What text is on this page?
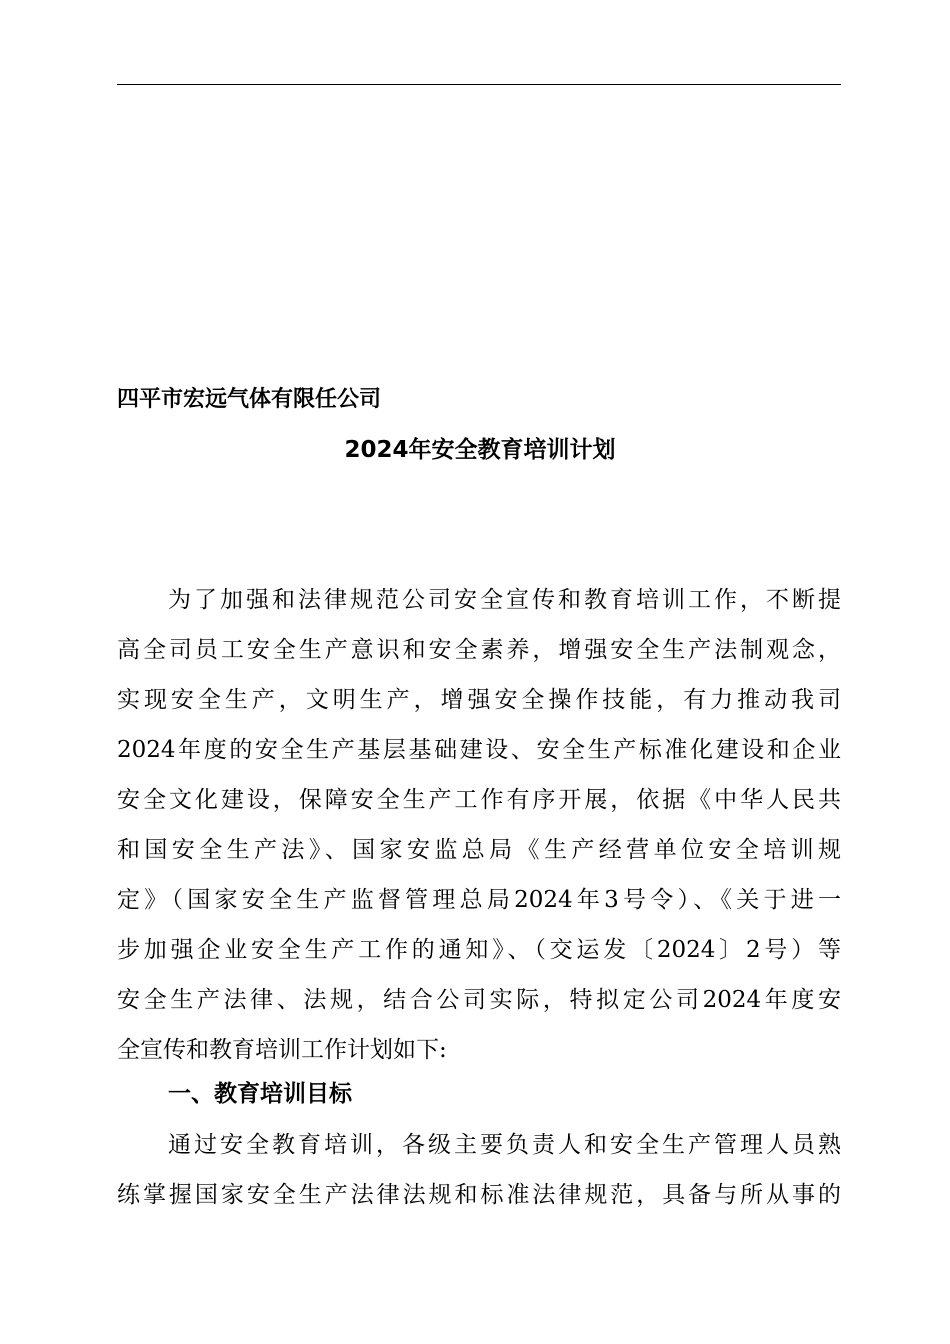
四平市宏远气体有限任公司
2024年安全教育培训计划
为了加强和法律规范公司安全宣传和教育培训工作，不断提
高全司员工安全生产意识和安全素养，增强安全生产法制观念，
实现安全生产，文明生产，增强安全操作技能，有力推动我司
2024年度的安全生产基层基础建设、安全生产标准化建设和企业
安全文化建设，保障安全生产工作有序开展，依据《中华人民共
和国安全生产法》、国家安监总局《生产经营单位安全培训规
定》（国家安全生产监督管理总局2024年3号令）、《关于进一
步加强企业安全生产工作的通知》、（交运发〔2024〕2号）等
安全生产法律、法规，结合公司实际，特拟定公司2024年度安
全宣传和教育培训工作计划如下:
一、教育培训目标
通过安全教育培训，各级主要负责人和安全生产管理人员熟
练掌握国家安全生产法律法规和标准法律规范，具备与所从事的
